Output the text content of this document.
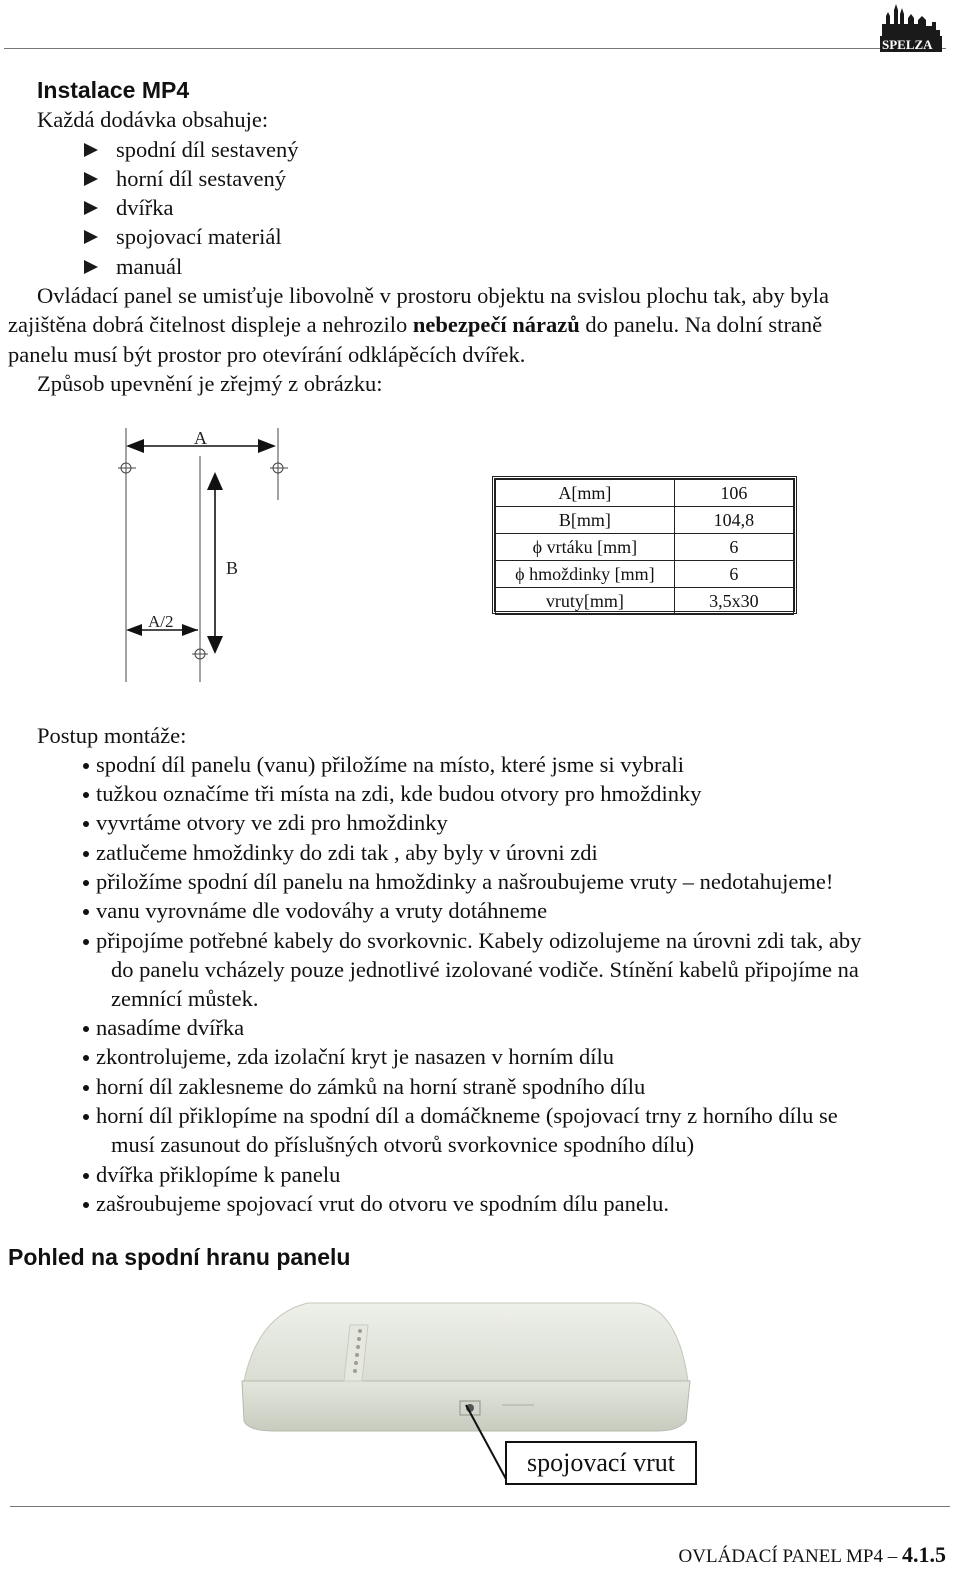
SPELZA
Instalace MP4
Každá dodávka obsahuje:
spodní díl sestavený
horní díl sestavený
dvířka
spojovací materiál
manuál
Ovládací panel se umisťuje libovolně v prostoru objektu na svislou plochu tak, aby byla
zajištěna dobrá čitelnost displeje a nehrozilo nebezpečí nárazů do panelu. Na dolní straně
panelu musí být prostor pro otevírání odklápěcích dvířek.
Způsob upevnění je zřejmý z obrázku:
A
B
A/2
A[mm]	106
B[mm]	104,8
ϕ vrtáku [mm]	6
ϕ hmoždinky [mm]	6
vruty[mm]	3,5x30
Postup montáže:
spodní díl panelu (vanu) přiložíme na místo, které jsme si vybrali
tužkou označíme tři místa na zdi, kde budou otvory pro hmoždinky
vyvrtáme otvory ve zdi pro hmoždinky
zatlučeme hmoždinky do zdi tak , aby byly v úrovni zdi
přiložíme spodní díl panelu na hmoždinky a našroubujeme vruty – nedotahujeme!
vanu vyrovnáme dle vodováhy a vruty dotáhneme
připojíme potřebné kabely do svorkovnic. Kabely odizolujeme na úrovni zdi tak, aby
do panelu vcházely pouze jednotlivé izolované vodiče. Stínění kabelů připojíme na
zemnící můstek.
nasadíme dvířka
zkontrolujeme, zda izolační kryt je nasazen v horním dílu
horní díl zaklesneme do zámků na horní straně spodního dílu
horní díl přiklopíme na spodní díl a domáčkneme (spojovací trny z horního dílu se
musí zasunout do příslušných otvorů svorkovnice spodního dílu)
dvířka přiklopíme k panelu
zašroubujeme spojovací vrut do otvoru ve spodním dílu panelu.
Pohled na spodní hranu panelu
spojovací vrut
OVLÁDACÍ PANEL MP4 – 4.1.5
